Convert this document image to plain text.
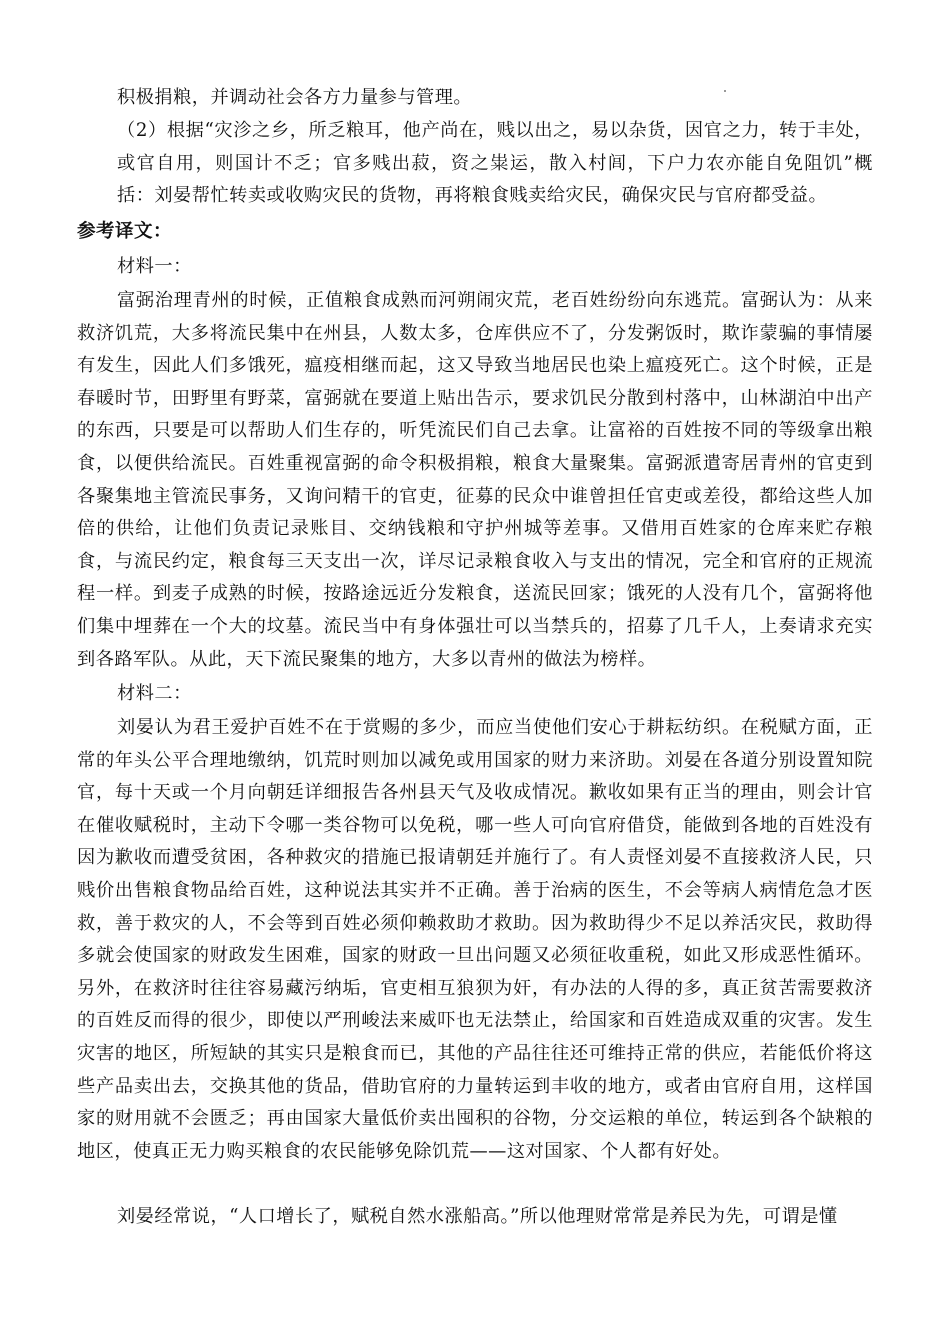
积极捐粮，并调动社会各方力量参与管理。

（2）根据“灾沴之乡，所乏粮耳，他产尚在，贱以出之，易以杂货，因官之力，转于丰处，或官自用，则国计不乏；官多贱出菽，资之粜运，散入村闾，下户力农亦能自免阻饥”概括：刘晏帮忙转卖或收购灾民的货物，再将粮食贱卖给灾民，确保灾民与官府都受益。

参考译文：

材料一：

富弼治理青州的时候，正值粮食成熟而河朔闹灾荒，老百姓纷纷向东逃荒。富弼认为：从来救济饥荒，大多将流民集中在州县，人数太多，仓库供应不了，分发粥饭时，欺诈蒙骗的事情屡有发生，因此人们多饿死，瘟疫相继而起，这又导致当地居民也染上瘟疫死亡。这个时候，正是春暖时节，田野里有野菜，富弼就在要道上贴出告示，要求饥民分散到村落中，山林湖泊中出产的东西，只要是可以帮助人们生存的，听凭流民们自己去拿。让富裕的百姓按不同的等级拿出粮食，以便供给流民。百姓重视富弼的命令积极捐粮，粮食大量聚集。富弼派遣寄居青州的官吏到各聚集地主管流民事务，又询问精干的官吏，征募的民众中谁曾担任官吏或差役，都给这些人加倍的供给，让他们负责记录账目、交纳钱粮和守护州城等差事。又借用百姓家的仓库来贮存粮食，与流民约定，粮食每三天支出一次，详尽记录粮食收入与支出的情况，完全和官府的正规流程一样。到麦子成熟的时候，按路途远近分发粮食，送流民回家；饿死的人没有几个，富弼将他们集中埋葬在一个大的坟墓。流民当中有身体强壮可以当禁兵的，招募了几千人，上奏请求充实到各路军队。从此，天下流民聚集的地方，大多以青州的做法为榜样。

材料二：

刘晏认为君王爱护百姓不在于赏赐的多少，而应当使他们安心于耕耘纺织。在税赋方面，正常的年头公平合理地缴纳，饥荒时则加以减免或用国家的财力来济助。刘晏在各道分别设置知院官，每十天或一个月向朝廷详细报告各州县天气及收成情况。歉收如果有正当的理由，则会计官在催收赋税时，主动下令哪一类谷物可以免税，哪一些人可向官府借贷，能做到各地的百姓没有因为歉收而遭受贫困，各种救灾的措施已报请朝廷并施行了。有人责怪刘晏不直接救济人民，只贱价出售粮食物品给百姓，这种说法其实并不正确。善于治病的医生，不会等病人病情危急才医救，善于救灾的人，不会等到百姓必须仰赖救助才救助。因为救助得少不足以养活灾民，救助得多就会使国家的财政发生困难，国家的财政一旦出问题又必须征收重税，如此又形成恶性循环。另外，在救济时往往容易藏污纳垢，官吏相互狼狈为奸，有办法的人得的多，真正贫苦需要救济的百姓反而得的很少，即使以严刑峻法来威吓也无法禁止，给国家和百姓造成双重的灾害。发生灾害的地区，所短缺的其实只是粮食而已，其他的产品往往还可维持正常的供应，若能低价将这些产品卖出去，交换其他的货品，借助官府的力量转运到丰收的地方，或者由官府自用，这样国家的财用就不会匮乏；再由国家大量低价卖出囤积的谷物，分交运粮的单位，转运到各个缺粮的地区，使真正无力购买粮食的农民能够免除饥荒——这对国家、个人都有好处。

刘晏经常说，“人口增长了，赋税自然水涨船高。”所以他理财常常是养民为先，可谓是懂
